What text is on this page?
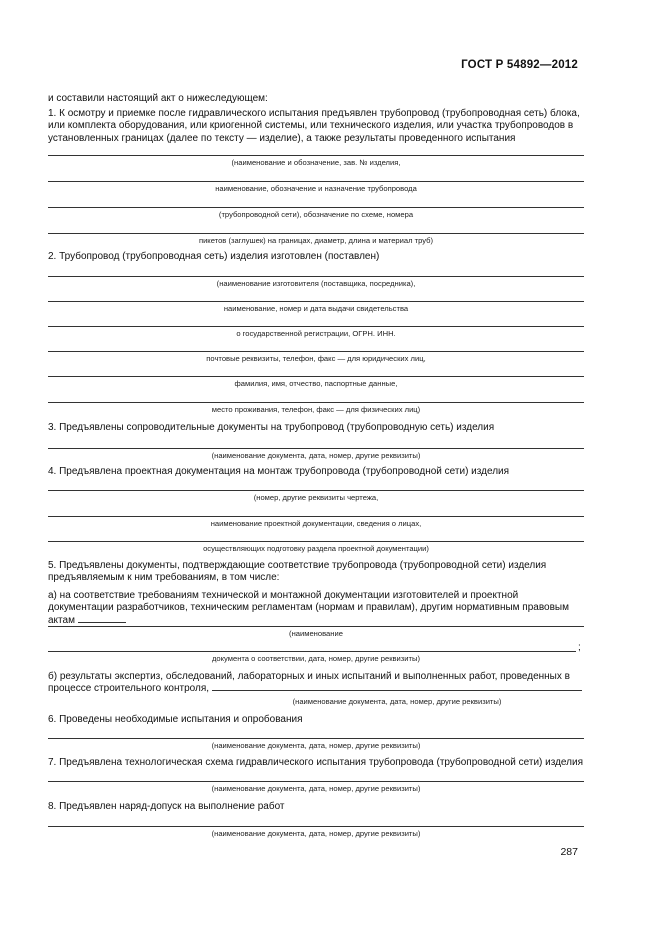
ГОСТ Р 54892—2012
и составили настоящий акт о нижеследующем:
1. К осмотру и приемке после гидравлического испытания предъявлен трубопровод (трубопроводная сеть) блока, или комплекта оборудования, или криогенной системы, или технического изделия, или участка трубопроводов в установленных границах (далее по тексту — изделие), а также результаты проведенного испытания
(наименование и обозначение, зав. № изделия,
наименование, обозначение и назначение трубопровода
(трубопроводной сети), обозначение по схеме, номера
пикетов (заглушек) на границах, диаметр, длина и материал труб)
2. Трубопровод (трубопроводная сеть) изделия изготовлен (поставлен)
(наименование изготовителя (поставщика, посредника),
наименование, номер и дата выдачи свидетельства
о государственной регистрации, ОГРН. ИНН.
почтовые реквизиты, телефон, факс — для юридических лиц,
фамилия, имя, отчество, паспортные данные,
место проживания, телефон, факс — для физических лиц)
3. Предъявлены сопроводительные документы на трубопровод (трубопроводную сеть) изделия
(наименование документа, дата, номер, другие реквизиты)
4. Предъявлена проектная документация на монтаж трубопровода (трубопроводной сети) изделия
(номер, другие реквизиты чертежа,
наименование проектной документации, сведения о лицах,
осуществляющих подготовку раздела проектной документации)
5. Предъявлены документы, подтверждающие соответствие трубопровода (трубопроводной сети) изделия предъявляемым к ним требованиям, в том числе:
а) на соответствие требованиям технической и монтажной документации изготовителей и проектной документации разработчиков, техническим регламентам (нормам и правилам), другим нормативным правовым актам
(наименование
;
документа о соответствии, дата, номер, другие реквизиты)
б) результаты экспертиз, обследований, лабораторных и иных испытаний и выполненных работ, проведенных в
процессе строительного контроля,
(наименование документа, дата, номер, другие реквизиты)
6. Проведены необходимые испытания и опробования
(наименование документа, дата, номер, другие реквизиты)
7. Предъявлена технологическая схема гидравлического испытания трубопровода (трубопроводной сети) изделия
(наименование документа, дата, номер, другие реквизиты)
8. Предъявлен наряд-допуск на выполнение работ
(наименование документа, дата, номер, другие реквизиты)
287
